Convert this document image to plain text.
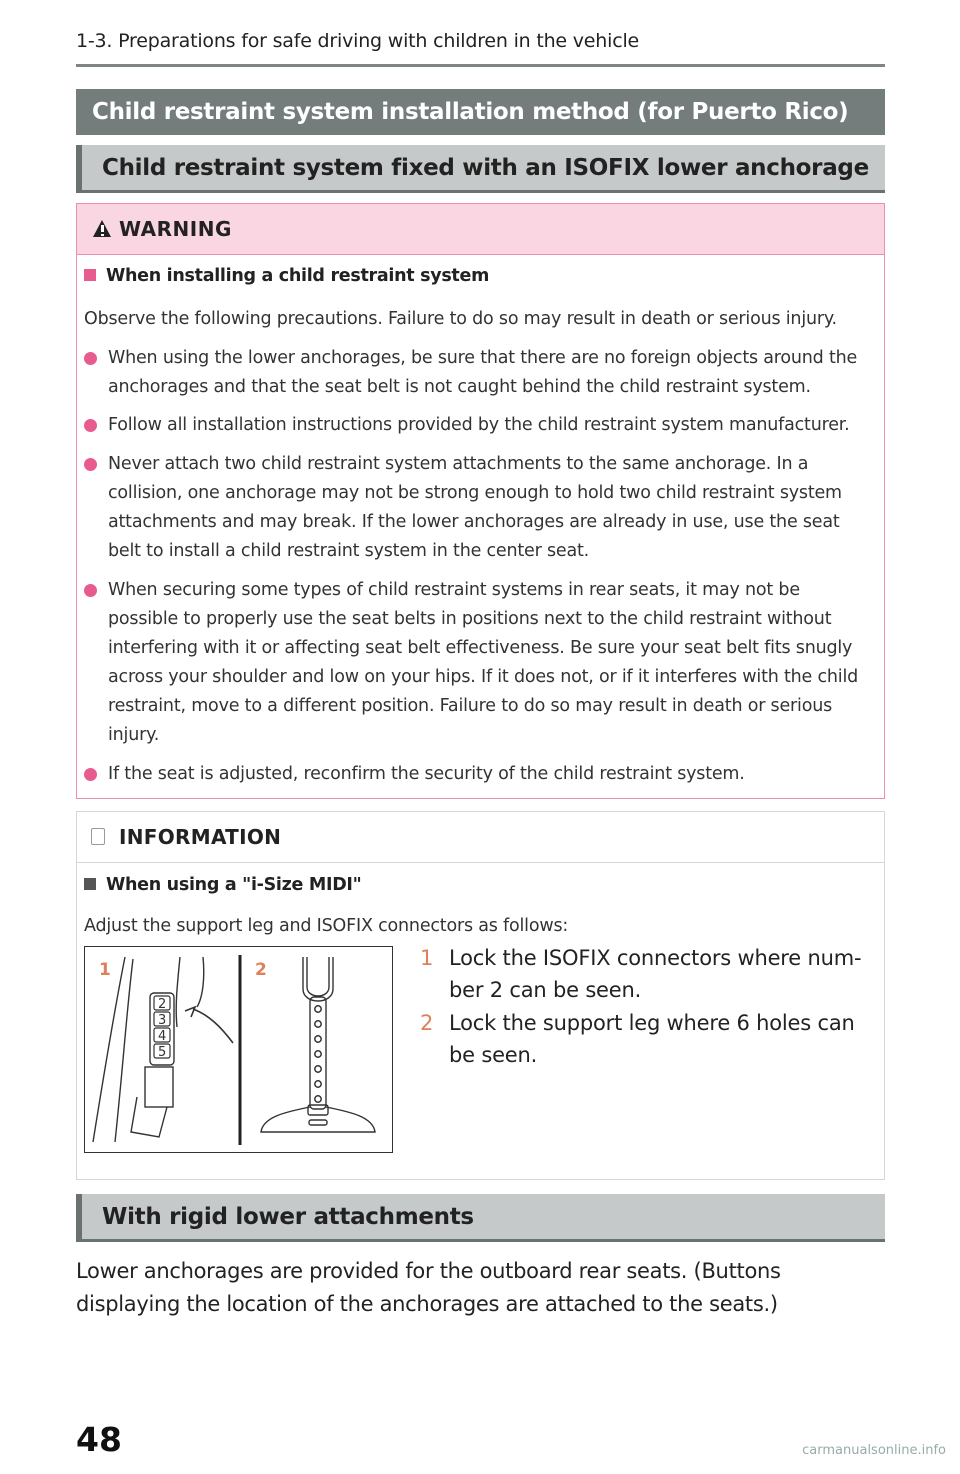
1-3. Preparations for safe driving with children in the vehicle
Child restraint system installation method (for Puerto Rico)
Child restraint system fixed with an ISOFIX lower anchorage
WARNING
When installing a child restraint system
Observe the following precautions. Failure to do so may result in death or serious injury.
When using the lower anchorages, be sure that there are no foreign objects around the anchorages and that the seat belt is not caught behind the child restraint system.
Follow all installation instructions provided by the child restraint system manufacturer.
Never attach two child restraint system attachments to the same anchorage. In a collision, one anchorage may not be strong enough to hold two child restraint system attachments and may break. If the lower anchorages are already in use, use the seat belt to install a child restraint system in the center seat.
When securing some types of child restraint systems in rear seats, it may not be possible to properly use the seat belts in positions next to the child restraint without interfering with it or affecting seat belt effectiveness. Be sure your seat belt fits snugly across your shoulder and low on your hips. If it does not, or if it interferes with the child restraint, move to a different position. Failure to do so may result in death or serious injury.
If the seat is adjusted, reconfirm the security of the child restraint system.
INFORMATION
When using a "i-Size MIDI"
Adjust the support leg and ISOFIX connectors as follows:
1	2
2
3
4
5
1 Lock the ISOFIX connectors where num-ber 2 can be seen.
2 Lock the support leg where 6 holes can be seen.
With rigid lower attachments
Lower anchorages are provided for the outboard rear seats. (Buttons displaying the location of the anchorages are attached to the seats.)
48	carmanualsonline.info
